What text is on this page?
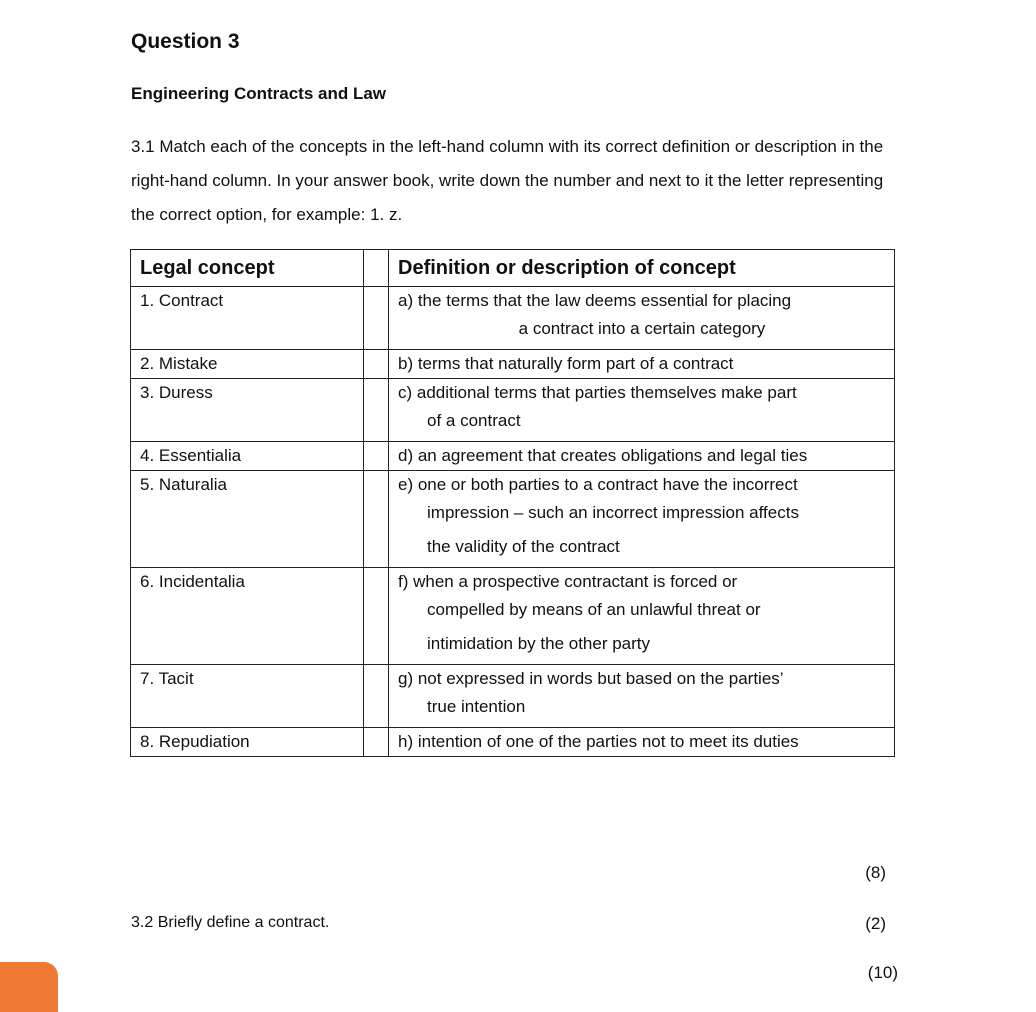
Question 3
Engineering Contracts and Law

3.1 Match each of the concepts in the left-hand column with its correct definition or description in the right-hand column. In your answer book, write down the number and next to it the letter representing the correct option, for example: 1. z.

Legal concept		Definition or description of concept
1. Contract		a) the terms that the law deems essential for placing
a contract into a certain category

2. Mistake		b) terms that naturally form part of a contract

3. Duress		c) additional terms that parties themselves make part
of a contract

4. Essentialia		d) an agreement that creates obligations and legal ties

5. Naturalia		e) one or both parties to a contract have the incorrect
impression – such an incorrect impression affects
the validity of the contract

6. Incidentalia		f) when a prospective contractant is forced or
compelled by means of an unlawful threat or
intimidation by the other party

7. Tacit		g) not expressed in words but based on the parties’
true intention

8. Repudiation		h) intention of one of the parties not to meet its duties
(8)
3.2 Briefly define a contract.	(2)
(10)
